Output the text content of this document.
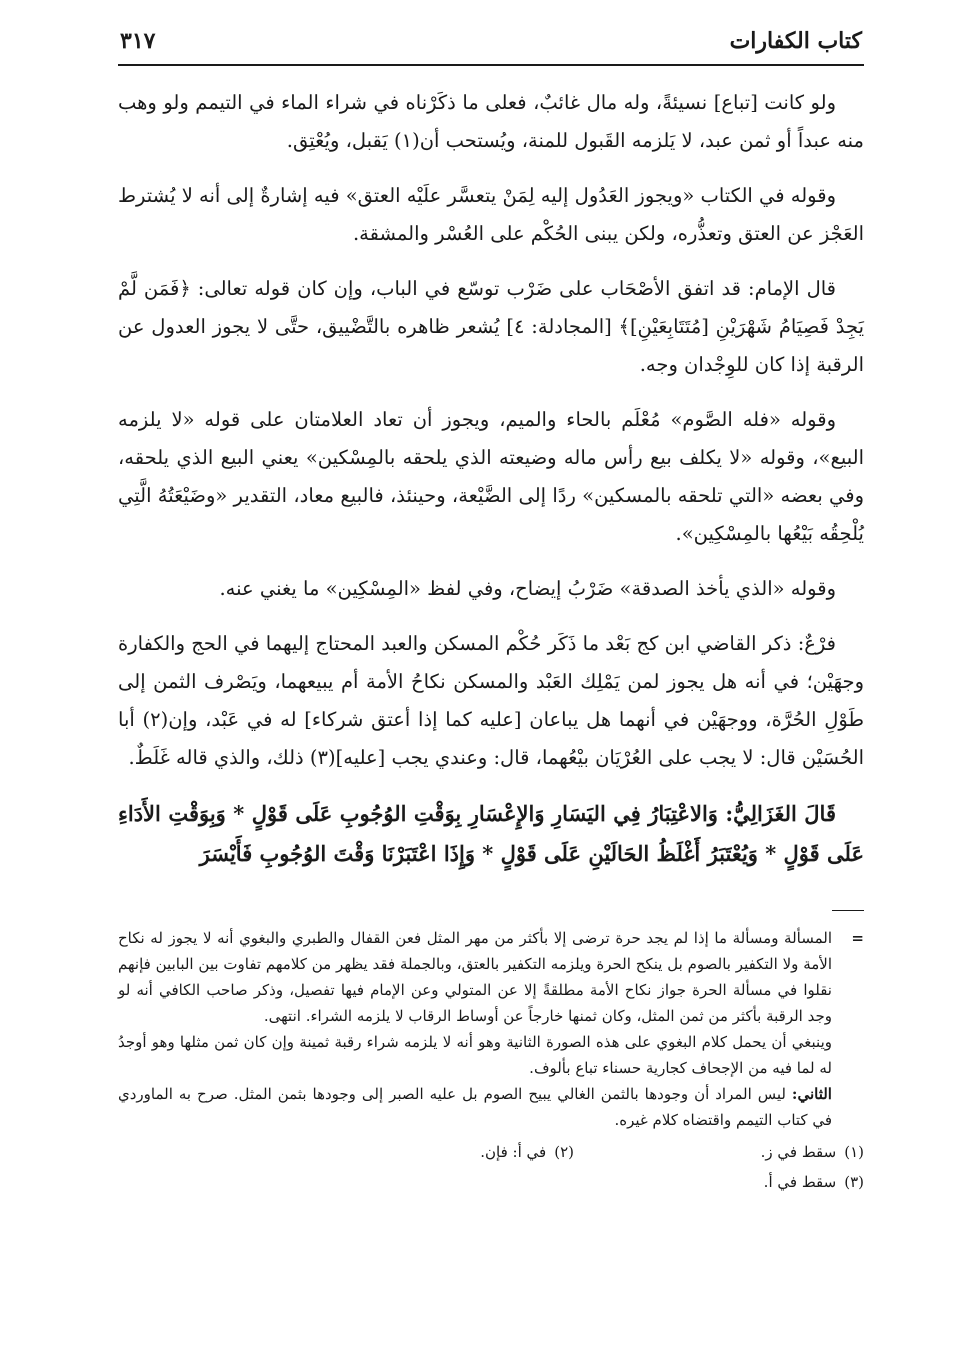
كتاب الكفارات
٣١٧

ولو كانت [تباع] نسيئةً، وله مال غائبٌ، فعلى ما ذكَرْناه في شراء الماء في التيمم ولو وهب منه عبداً أو ثمن عبد، لا يَلزمه القَبول للمنة، ويُستحب أن(١) يَقبل، ويُعْتِق.

وقوله في الكتاب «ويجوز العَدُول إليه لِمَنْ يتعسَّر علَيْه العتق» فيه إشارةٌ إلى أنه لا يُشترط العَجْز عن العتق وتعذُّره، ولكن يبنى الحُكْم على العُسْر والمشقة.

قال الإمام: قد اتفق الأصْحَاب على ضَرْب توسّع في الباب، وإن كان قوله تعالى: ﴿فَمَن لَّمْ يَجِدْ فَصِيَامُ شَهْرَيْنِ [مُتَتَابِعَيْنِ]﴾ [المجادلة: ٤] يُشعر ظاهره بالتَّضْييق، حتَّى لا يجوز العدول عن الرقبة إذا كان للوِجْدان وجه.

وقوله «فله الصَّوم» مُعْلَم بالحاء والميم، ويجوز أن تعاد العلامتان على قوله «لا يلزمه البيع»، وقوله «لا يكلف بيع رأس ماله وضيعته الذي يلحقه بالمِسْكين» يعني البيع الذي يلحقه، وفي بعضه «التي تلحقه بالمسكين» ردًا إلى الضَّيْعة، وحينئذ، فالبيع معاد، التقدير «وضَيْعَتُهُ الَّتِي يُلْحِقُه بَيْعُها بالمِسْكِين».

وقوله «الذي يأخذ الصدقة» ضَرْبُ إيضاح، وفي لفظ «المِسْكِين» ما يغني عنه.

فرْعٌ: ذكر القاضي ابن كج بَعْد ما ذَكَر حُكْم المسكن والعبد المحتاج إليهما في الحج والكفارة وجهَيْن؛ في أنه هل يجوز لمن يَمْلِك العَبْد والمسكن نكاحُ الأمة أم يبيعهما، ويَصْرف الثمن إلى طَوْلِ الحُرَّة، ووجهَيْن في أنهما هل يباعان [عليه كما إذا أعتق شركاء] له في عَبْد، وإن(٢) أبا الحُسَيْن قال: لا يجب على العُرْيَان بيْعُهما، قال: وعندي يجب [عليه](٣) ذلك، والذي قاله غَلَطٌ.

قَالَ الغَزَالِيُّ: وَالاعْتِبَارُ فِي اليَسَارِ وَالإِعْسَارِ بِوَقْتِ الوُجُوبِ عَلَى قَوْلٍ * وَبِوَقْتِ الأَدَاءِ عَلَى قَوْلٍ * وَيُعْتَبَرُ أَغْلَظُ الحَالَيْنِ عَلَى قَوْلٍ * وَإِذَا اعْتَبَرْنَا وَقْتَ الوُجُوبِ فَأَيْسَرَ

=

المسألة ومسألة ما إذا لم يجد حرة ترضى إلا بأكثر من مهر المثل فعن القفال والطبري والبغوي أنه لا يجوز له نكاح الأمة ولا التكفير بالصوم بل ينكح الحرة ويلزمه التكفير بالعتق، وبالجملة فقد يظهر من كلامهم تفاوت بين البابين فإنهم نقلوا في مسألة الحرة جواز نكاح الأمة مطلقةً إلا عن المتولي وعن الإمام فيها تفصيل، وذكر صاحب الكافي أنه لو وجد الرقبة بأكثر من ثمن المثل، وكان ثمنها خارجاً عن أوساط الرقاب لا يلزمه الشراء. انتهى.

وينبغي أن يحمل كلام البغوي على هذه الصورة الثانية وهو أنه لا يلزمه شراء رقبة ثمينة وإن كان ثمن مثلها وهو أوجدُ له لما فيه من الإجحاف كجارية حسناء تباع بألوف.

الثاني: ليس المراد أن وجودها بالثمن الغالي يبيح الصوم بل عليه الصبر إلى وجودها بثمن المثل. صرح به الماوردي في كتاب التيمم واقتضاه كلام غيره.

(١)
سقط في ز.
(٢)
في أ: فإن.
(٣)
سقط في أ.
